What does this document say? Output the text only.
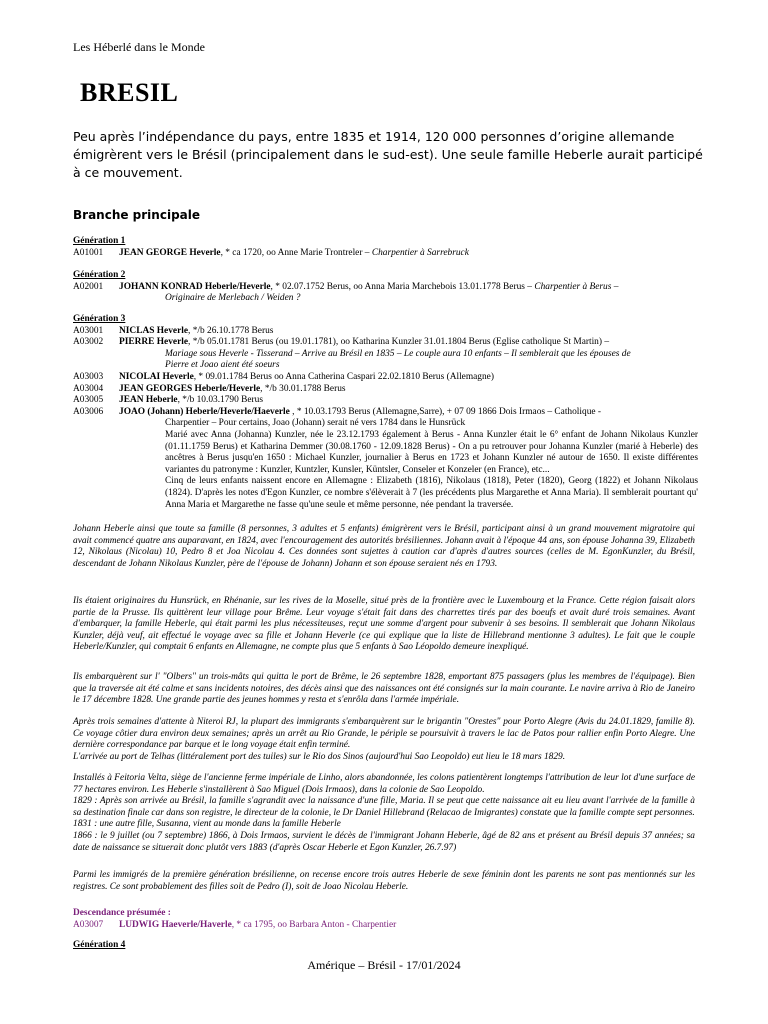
Les Héberlé dans le Monde
BRESIL
Peu après l’indépendance du pays, entre 1835 et 1914, 120 000 personnes d’origine allemande émigrèrent vers le Brésil (principalement dans le sud-est). Une seule famille Heberle aurait participé à ce mouvement.
Branche principale
Génération 1
A01001	JEAN GEORGE Heverle, * ca 1720, oo Anne Marie Trontreler – Charpentier à Sarrebruck
Génération 2
A02001	JOHANN KONRAD Heberle/Heverle, * 02.07.1752 Berus, oo Anna Maria Marchebois 13.01.1778 Berus – Charpentier à Berus –
Originaire de Merlebach / Weiden ?
Génération 3
A03001	NICLAS Heverle, */b 26.10.1778 Berus
A03002	PIERRE Heverle, */b 05.01.1781 Berus (ou 19.01.1781), oo Katharina Kunzler 31.01.1804 Berus (Eglise catholique St Martin) –
Mariage sous Heverle - Tisserand – Arrive au Brésil en 1835 – Le couple aura 10 enfants – Il semblerait que les épouses de
Pierre et Joao aient été soeurs
A03003	NICOLAI Heverle, * 09.01.1784 Berus oo Anna Catherina Caspari 22.02.1810 Berus (Allemagne)
A03004	JEAN GEORGES Heberle/Heverle, */b 30.01.1788 Berus
A03005	JEAN Heberle, */b 10.03.1790 Berus
A03006	JOAO (Johann) Heberle/Heverle/Haeverle , * 10.03.1793 Berus (Allemagne,Sarre), + 07 09 1866 Dois Irmaos – Catholique -
Charpentier – Pour certains, Joao (Johann) serait né vers 1784 dans le Hunsrück
Marié avec Anna (Johanna) Kunzler, née le 23.12.1793 également à Berus - Anna Kunzler était le 6° enfant de Johann Nikolaus Kunzler (01.11.1759 Berus) et Katharina Demmer (30.08.1760 - 12.09.1828 Berus) - On a pu retrouver pour Johanna Kunzler (marié à Heberle) des ancêtres à Berus jusqu'en 1650 : Michael Kunzler, journalier à Berus en 1723 et Johann Kunzler né autour de 1650. Il existe différentes variantes du patronyme : Kunzler, Kuntzler, Kunsler, Küntsler, Conseler et Konzeler (en France), etc...
Cinq de leurs enfants naissent encore en Allemagne : Elizabeth (1816), Nikolaus (1818), Peter (1820), Georg (1822) et Johann Nikolaus (1824). D'après les notes d'Egon Kunzler, ce nombre s'élèverait à 7 (les précédents plus Margarethe et Anna Maria). Il semblerait pourtant qu' Anna Maria et Margarethe ne fasse qu'une seule et même personne, née pendant la traversée.
Johann Heberle ainsi que toute sa famille (8 personnes, 3 adultes et 5 enfants) émigrèrent vers le Brésil, participant ainsi à un grand mouvement migratoire qui avait commencé quatre ans auparavant, en 1824, avec l'encouragement des autorités brésiliennes. Johann avait à l'époque 44 ans, son épouse Johanna 39, Elizabeth 12, Nikolaus (Nicolau) 10, Pedro 8 et Joa Nicolau 4. Ces données sont sujettes à caution car d'après d'autres sources (celles de M. EgonKunzler, du Brésil, descendant de Johann Nikolaus Kunzler, père de l'épouse de Johann) Johann et son épouse seraient nés en 1793.
Ils étaient originaires du Hunsrück, en Rhénanie, sur les rives de la Moselle, situé près de la frontière avec le Luxembourg et la France. Cette région faisait alors partie de la Prusse. Ils quittèrent leur village pour Brême. Leur voyage s'était fait dans des charrettes tirés par des boeufs et avait duré trois semaines. Avant d'embarquer, la famille Heberle, qui était parmi les plus nécessiteuses, reçut une somme d'argent pour subvenir à ses besoins. Il semblerait que Johann Nikolaus Kunzler, déjà veuf, ait effectué le voyage avec sa fille et Johann Heverle (ce qui explique que la liste de Hillebrand mentionne 3 adultes). Le fait que le couple Heberle/Kunzler, qui comptait 6 enfants en Allemagne, ne compte plus que 5 enfants à Sao Léopoldo demeure inexpliqué.
Ils embarquèrent sur l' "Olbers" un trois-mâts qui quitta le port de Brême, le 26 septembre 1828, emportant 875 passagers (plus les membres de l'équipage). Bien que la traversée ait été calme et sans incidents notoires, des décès ainsi que des naissances ont été consignés sur la main courante. Le navire arriva à Rio de Janeiro le 17 décembre 1828. Une grande partie des jeunes hommes y resta et s'enrôla dans l'armée impériale.
Après trois semaines d'attente à Niteroi RJ, la plupart des immigrants s'embarquèrent sur le brigantin "Orestes" pour Porto Alegre (Avis du 24.01.1829, famille 8). Ce voyage côtier dura environ deux semaines; après un arrêt au Rio Grande, le périple se poursuivit à travers le lac de Patos pour rallier enfin Porto Alegre. Une dernière correspondance par barque et le long voyage était enfin terminé.
L'arrivée au port de Telhas (littéralement port des tuiles) sur le Rio dos Sinos (aujourd'hui Sao Leopoldo) eut lieu le 18 mars 1829.
Installés à Feitoria Velta, siège de l'ancienne ferme impériale de Linho, alors abandonnée, les colons patientèrent longtemps l'attribution de leur lot d'une surface de 77 hectares environ. Les Heberle s'installèrent à Sao Miguel (Dois Irmaos), dans la colonie de Sao Leopoldo.
1829 : Après son arrivée au Brésil, la famille s'agrandit avec la naissance d'une fille, Maria. Il se peut que cette naissance ait eu lieu avant l'arrivée de la famille à sa destination finale car dans son registre, le directeur de la colonie, le Dr Daniel Hillebrand (Relacao de Imigrantes) constate que la famille compte sept personnes.
1831 : une autre fille, Susanna, vient au monde dans la famille Heberle
1866 : le 9 juillet (ou 7 septembre) 1866, à Dois Irmaos, survient le décès de l'immigrant Johann Heberle, âgé de 82 ans et présent au Brésil depuis 37 années; sa date de naissance se situerait donc plutôt vers 1883 (d'après Oscar Heberle et Egon Kunzler, 26.7.97)
Parmi les immigrés de la première génération brésilienne, on recense encore trois autres Heberle de sexe féminin dont les parents ne sont pas mentionnés sur les registres. Ce sont probablement des filles soit de Pedro (I), soit de Joao Nicolau Heberle.
Descendance présumée :
A03007	LUDWIG Haeverle/Haverle, * ca 1795, oo Barbara Anton - Charpentier
Génération 4
Amérique – Brésil - 17/01/2024
